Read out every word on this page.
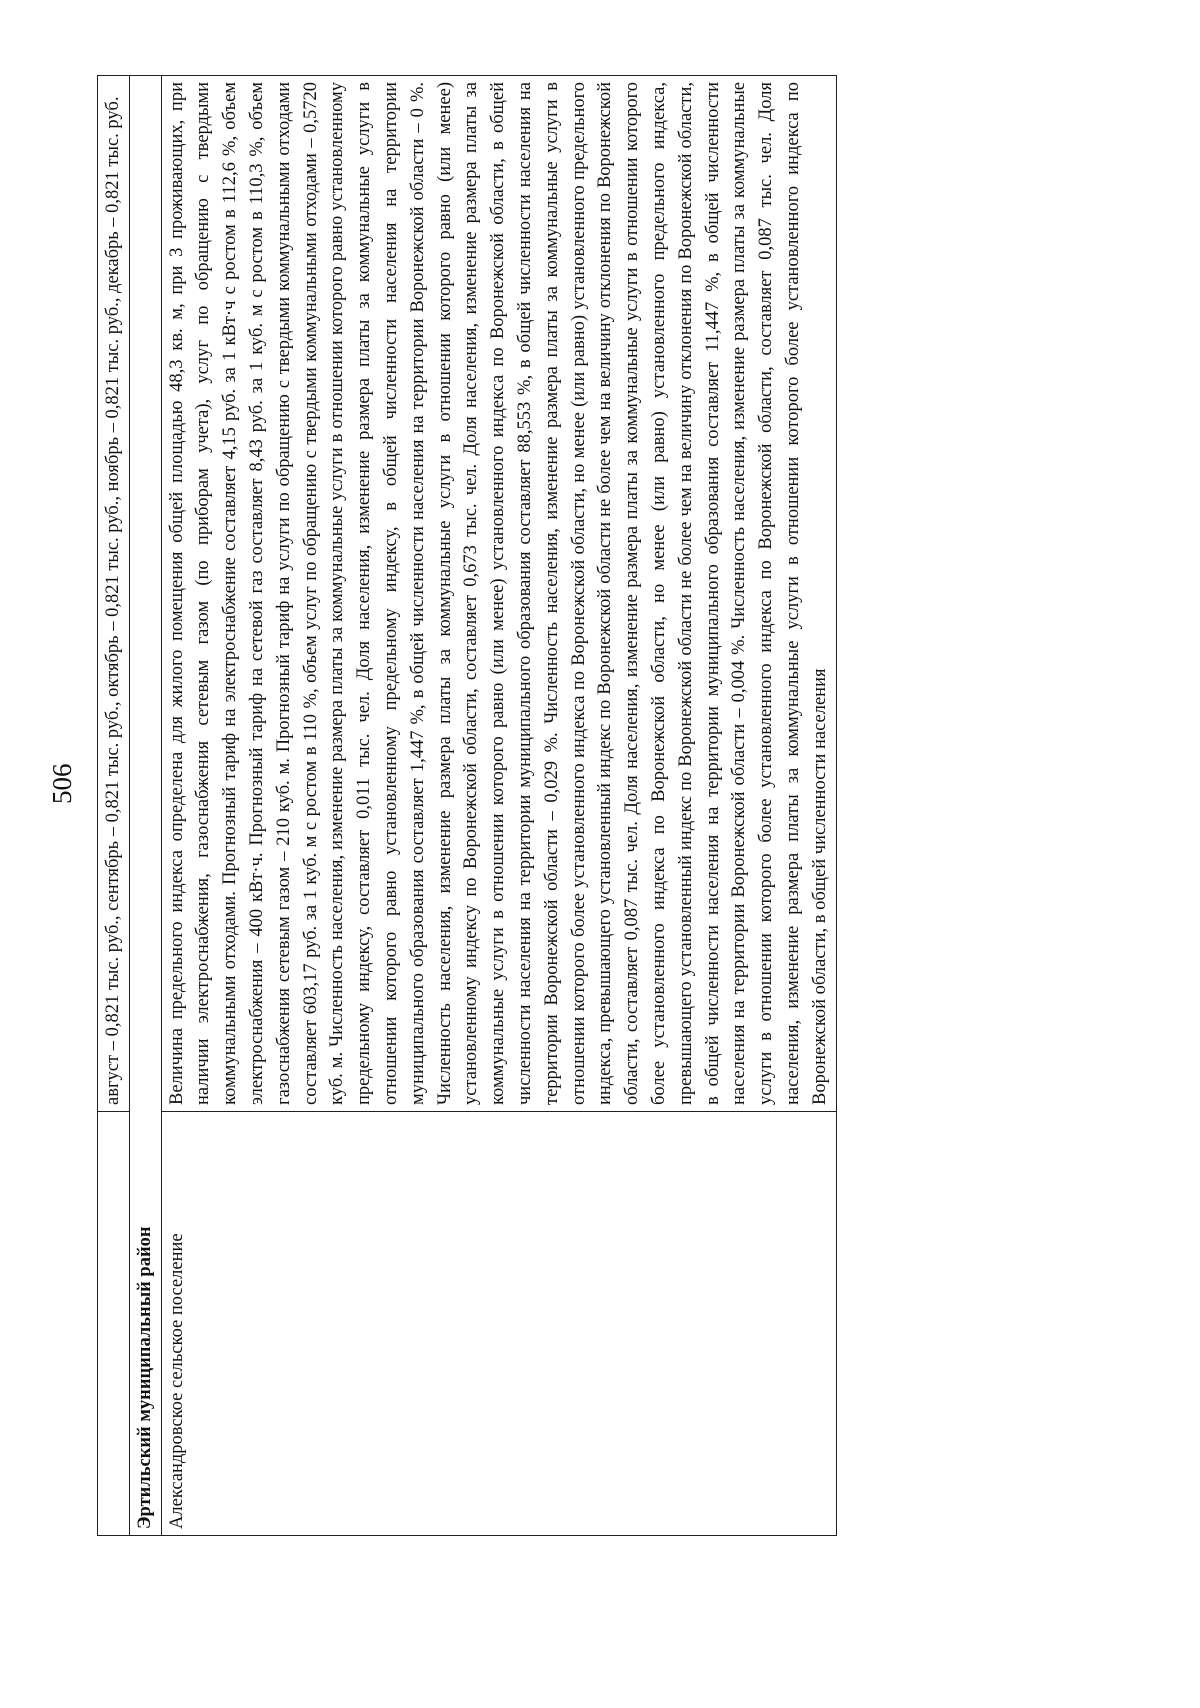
506
		август – 0,821 тыс. руб., сентябрь – 0,821 тыс. руб., октябрь – 0,821 тыс. руб., ноябрь – 0,821 тыс. руб., декабрь – 0,821 тыс. руб.
Эртильский муниципальный район	
Александровское сельское поселение	Величина предельного индекса определена для жилого помещения общей площадью 48,3 кв. м, при 3 проживающих, при наличии электроснабжения, газоснабжения сетевым газом (по приборам учета), услуг по обращению с твердыми коммунальными отходами. Прогнозный тариф на электроснабжение составляет 4,15 руб. за 1 кВт·ч с ростом в 112,6 %, объем электроснабжения – 400 кВт·ч. Прогнозный тариф на сетевой газ составляет 8,43 руб. за 1 куб. м с ростом в 110,3 %, объем газоснабжения сетевым газом – 210 куб. м. Прогнозный тариф на услуги по обращению с твердыми коммунальными отходами составляет 603,17 руб. за 1 куб. м с ростом в 110 %, объем услуг по обращению с твердыми коммунальными отходами – 0,5720 куб. м. Численность населения, изменение размера платы за коммунальные услуги в отношении которого равно установленному предельному индексу, составляет 0,011 тыс. чел. Доля населения, изменение размера платы за коммунальные услуги в отношении которого равно установленному предельному индексу, в общей численности населения на территории муниципального образования составляет 1,447 %, в общей численности населения на территории Воронежской области – 0 %. Численность населения, изменение размера платы за коммунальные услуги в отношении которого равно (или менее) установленному индексу по Воронежской области, составляет 0,673 тыс. чел. Доля населения, изменение размера платы за коммунальные услуги в отношении которого равно (или менее) установленного индекса по Воронежской области, в общей численности населения на территории муниципального образования составляет 88,553 %, в общей численности населения на территории Воронежской области – 0,029 %. Численность населения, изменение размера платы за коммунальные услуги в отношении которого более установленного индекса по Воронежской области, но менее (или равно) установленного предельного индекса, превышающего установленный индекс по Воронежской области не более чем на величину отклонения по Воронежской области, составляет 0,087 тыс. чел. Доля населения, изменение размера платы за коммунальные услуги в отношении которого более установленного индекса по Воронежской области, но менее (или равно) установленного предельного индекса, превышающего установленный индекс по Воронежской области не более чем на величину отклонения по Воронежской области, в общей численности населения на территории муниципального образования составляет 11,447 %, в общей численности населения на территории Воронежской области – 0,004 %. Численность населения, изменение размера платы за коммунальные услуги в отношении которого более установленного индекса по Воронежской области, составляет 0,087 тыс. чел. Доля населения, изменение размера платы за коммунальные услуги в отношении которого более установленного индекса по Воронежской области, в общей численности населения
